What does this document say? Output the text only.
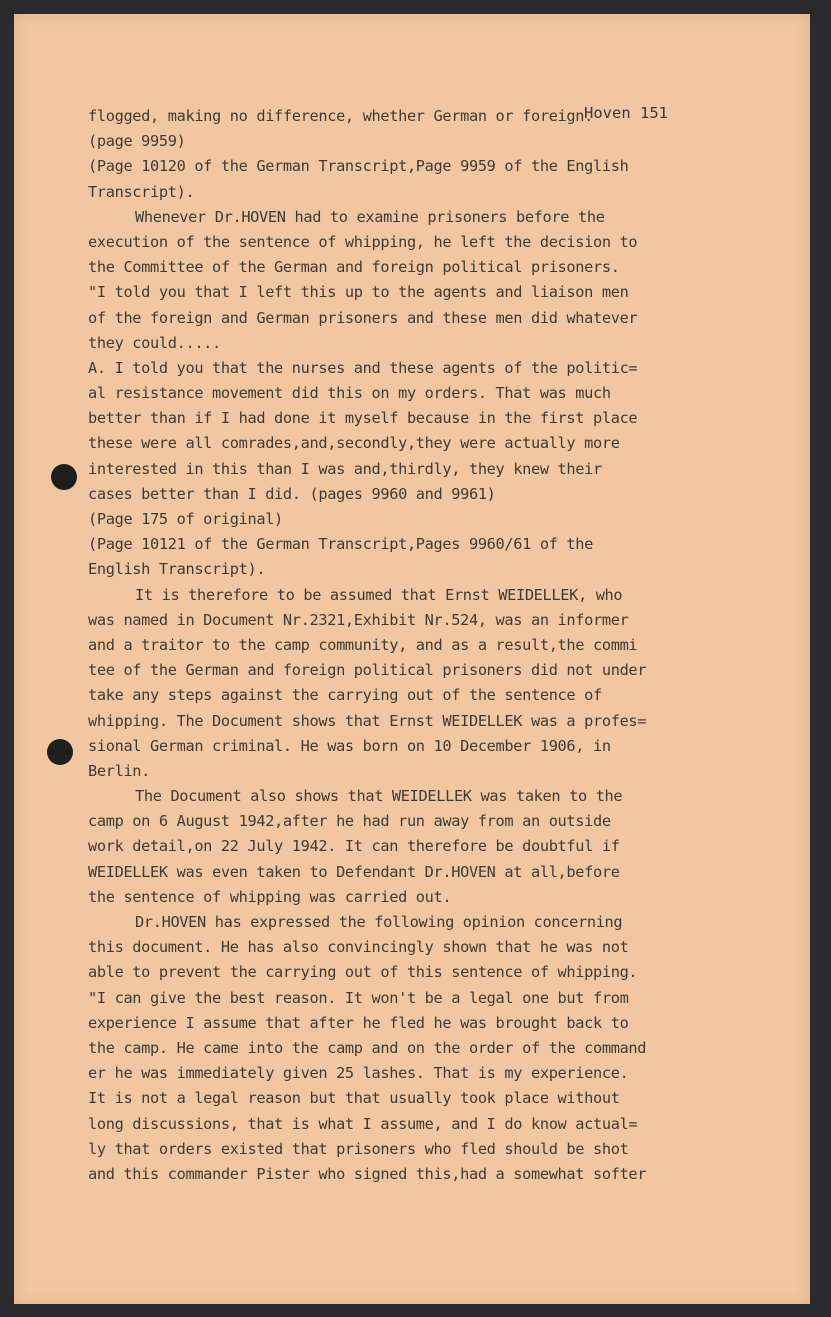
Hoven 151
flogged, making no difference, whether German or foreign.
(page 9959)
(Page 10120 of the German Transcript,Page 9959 of the English
Transcript).
Whenever Dr.HOVEN had to examine prisoners before the
execution of the sentence of whipping, he left the decision to
the Committee of the German and foreign political prisoners.
"I told you that I left this up to the agents and liaison men
of the foreign and German prisoners and these men did whatever
they could.....
A. I told you that the nurses and these agents of the politic=
al resistance movement did this on my orders. That was much
better than if I had done it myself because in the first place
these were all comrades,and,secondly,they were actually more
interested in this than I was and,thirdly, they knew their
cases better than I did. (pages 9960 and 9961)
(Page 175 of original)
(Page 10121 of the German Transcript,Pages 9960/61 of the
English Transcript).
It is therefore to be assumed that Ernst WEIDELLEK, who
was named in Document Nr.2321,Exhibit Nr.524, was an informer
and a traitor to the camp community, and as a result,the commi
tee of the German and foreign political prisoners did not under
take any steps against the carrying out of the sentence of
whipping. The Document shows that Ernst WEIDELLEK was a profes=
sional German criminal. He was born on 10 December 1906, in
Berlin.
The Document also shows that WEIDELLEK was taken to the
camp on 6 August 1942,after he had run away from an outside
work detail,on 22 July 1942. It can therefore be doubtful if
WEIDELLEK was even taken to Defendant Dr.HOVEN at all,before
the sentence of whipping was carried out.
Dr.HOVEN has expressed the following opinion concerning
this document. He has also convincingly shown that he was not
able to prevent the carrying out of this sentence of whipping.
"I can give the best reason. It won't be a legal one but from
experience I assume that after he fled he was brought back to
the camp. He came into the camp and on the order of the command
er he was immediately given 25 lashes. That is my experience.
It is not a legal reason but that usually took place without
long discussions, that is what I assume, and I do know actual=
ly that orders existed that prisoners who fled should be shot
and this commander Pister who signed this,had a somewhat softer
